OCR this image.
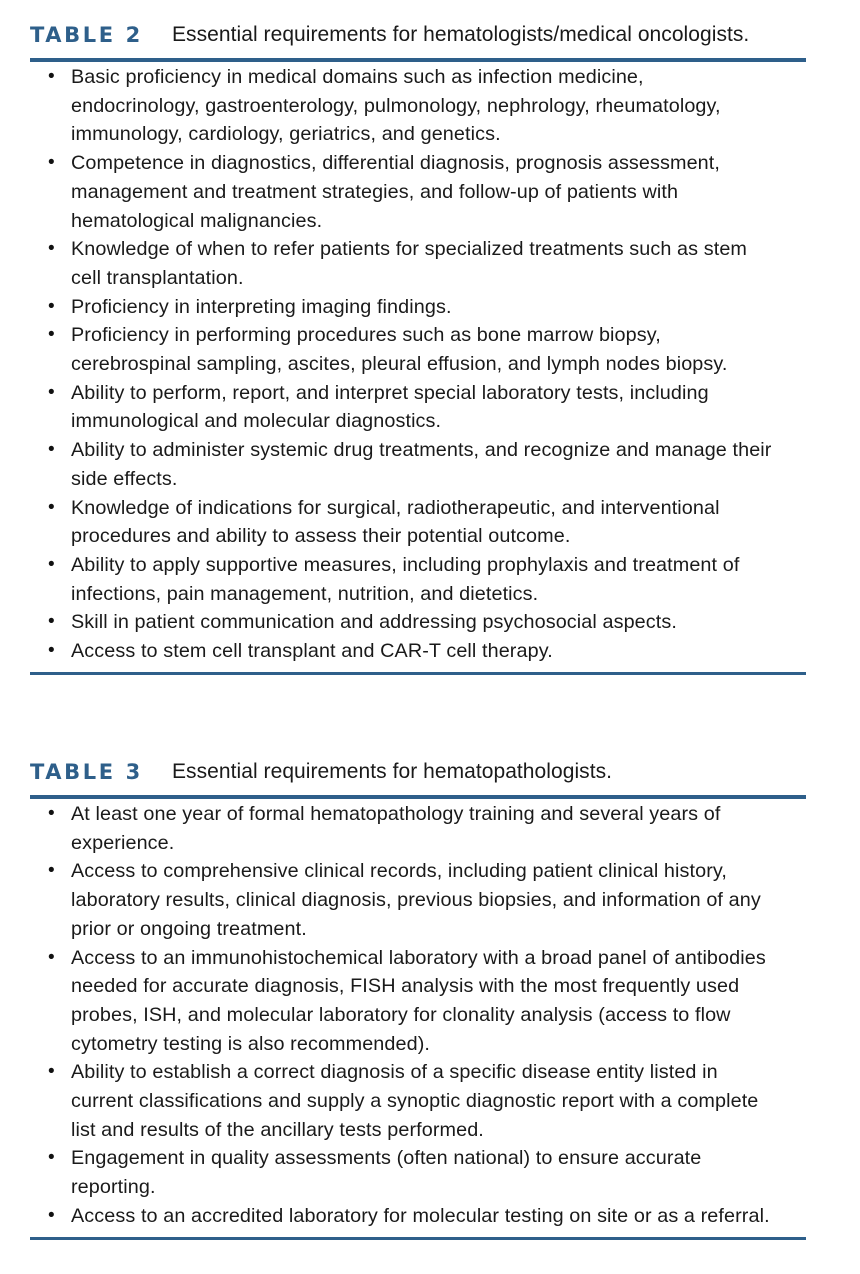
TABLE 2	Essential requirements for hematologists/medical oncologists.
• Basic proficiency in medical domains such as infection medicine,
endocrinology, gastroenterology, pulmonology, nephrology, rheumatology,
immunology, cardiology, geriatrics, and genetics.
• Competence in diagnostics, differential diagnosis, prognosis assessment,
management and treatment strategies, and follow-up of patients with
hematological malignancies.
• Knowledge of when to refer patients for specialized treatments such as stem
cell transplantation.
• Proficiency in interpreting imaging findings.
• Proficiency in performing procedures such as bone marrow biopsy,
cerebrospinal sampling, ascites, pleural effusion, and lymph nodes biopsy.
• Ability to perform, report, and interpret special laboratory tests, including
immunological and molecular diagnostics.
• Ability to administer systemic drug treatments, and recognize and manage their
side effects.
• Knowledge of indications for surgical, radiotherapeutic, and interventional
procedures and ability to assess their potential outcome.
• Ability to apply supportive measures, including prophylaxis and treatment of
infections, pain management, nutrition, and dietetics.
• Skill in patient communication and addressing psychosocial aspects.
• Access to stem cell transplant and CAR-T cell therapy.
TABLE 3	Essential requirements for hematopathologists.
• At least one year of formal hematopathology training and several years of
experience.
• Access to comprehensive clinical records, including patient clinical history,
laboratory results, clinical diagnosis, previous biopsies, and information of any
prior or ongoing treatment.
• Access to an immunohistochemical laboratory with a broad panel of antibodies
needed for accurate diagnosis, FISH analysis with the most frequently used
probes, ISH, and molecular laboratory for clonality analysis (access to flow
cytometry testing is also recommended).
• Ability to establish a correct diagnosis of a specific disease entity listed in
current classifications and supply a synoptic diagnostic report with a complete
list and results of the ancillary tests performed.
• Engagement in quality assessments (often national) to ensure accurate
reporting.
• Access to an accredited laboratory for molecular testing on site or as a referral.
